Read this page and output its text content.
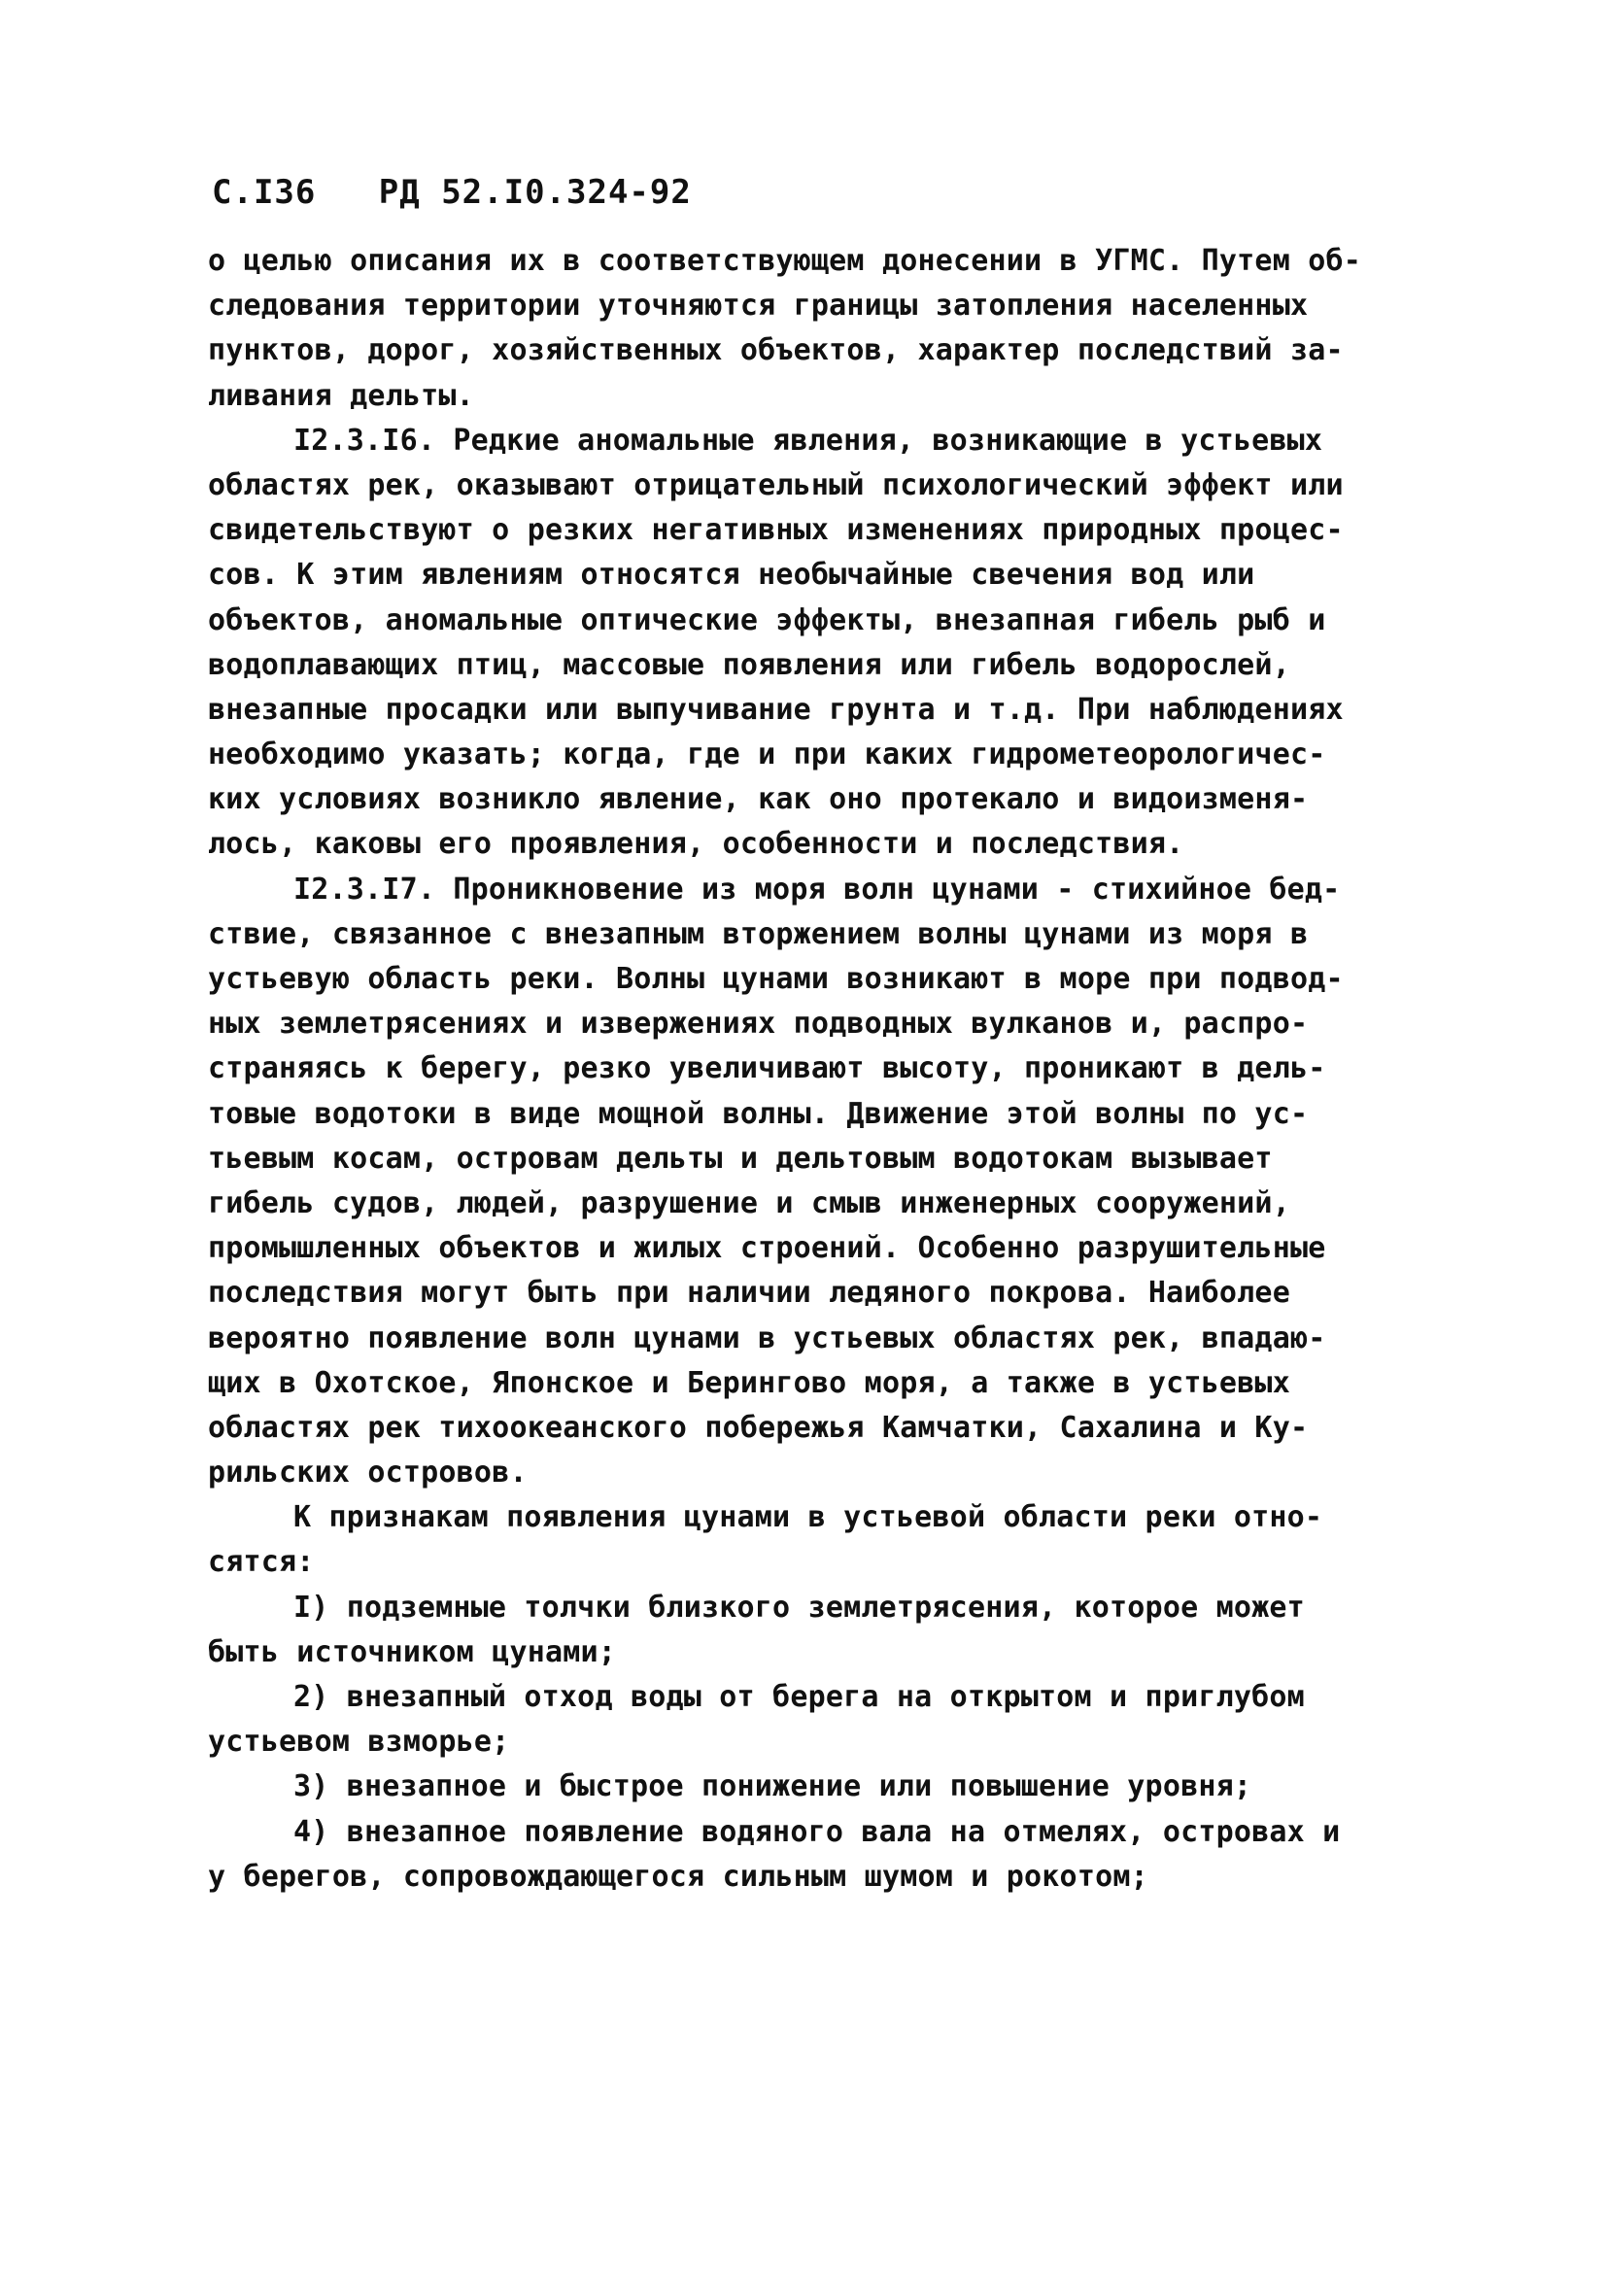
С.I36 РД 52.I0.324-92
о целью описания их в соответствующем донесении в УГМС. Путем об-
следования территории уточняются границы затопления населенных
пунктов, дорог, хозяйственных объектов, характер последствий за-
ливания дельты.
I2.3.I6. Редкие аномальные явления, возникающие в устьевых
областях рек, оказывают отрицательный психологический эффект или
свидетельствуют о резких негативных изменениях природных процес-
сов. К этим явлениям относятся необычайные свечения вод или
объектов, аномальные оптические эффекты, внезапная гибель рыб и
водоплавающих птиц, массовые появления или гибель водорослей,
внезапные просадки или выпучивание грунта и т.д. При наблюдениях
необходимо указать; когда, где и при каких гидрометеорологичес-
ких условиях возникло явление, как оно протекало и видоизменя-
лось, каковы его проявления, особенности и последствия.
I2.3.I7. Проникновение из моря волн цунами - стихийное бед-
ствие, связанное с внезапным вторжением волны цунами из моря в
устьевую область реки. Волны цунами возникают в море при подвод-
ных землетрясениях и извержениях подводных вулканов и, распро-
страняясь к берегу, резко увеличивают высоту, проникают в дель-
товые водотоки в виде мощной волны. Движение этой волны по ус-
тьевым косам, островам дельты и дельтовым водотокам вызывает
гибель судов, людей, разрушение и смыв инженерных сооружений,
промышленных объектов и жилых строений. Особенно разрушительные
последствия могут быть при наличии ледяного покрова. Наиболее
вероятно появление волн цунами в устьевых областях рек, впадаю-
щих в Охотское, Японское и Берингово моря, а также в устьевых
областях рек тихоокеанского побережья Камчатки, Сахалина и Ку-
рильских островов.
К признакам появления цунами в устьевой области реки отно-
сятся:
I) подземные толчки близкого землетрясения, которое может
быть источником цунами;
2) внезапный отход воды от берега на открытом и приглубом
устьевом взморье;
3) внезапное и быстрое понижение или повышение уровня;
4) внезапное появление водяного вала на отмелях, островах и
у берегов, сопровождающегося сильным шумом и рокотом;
